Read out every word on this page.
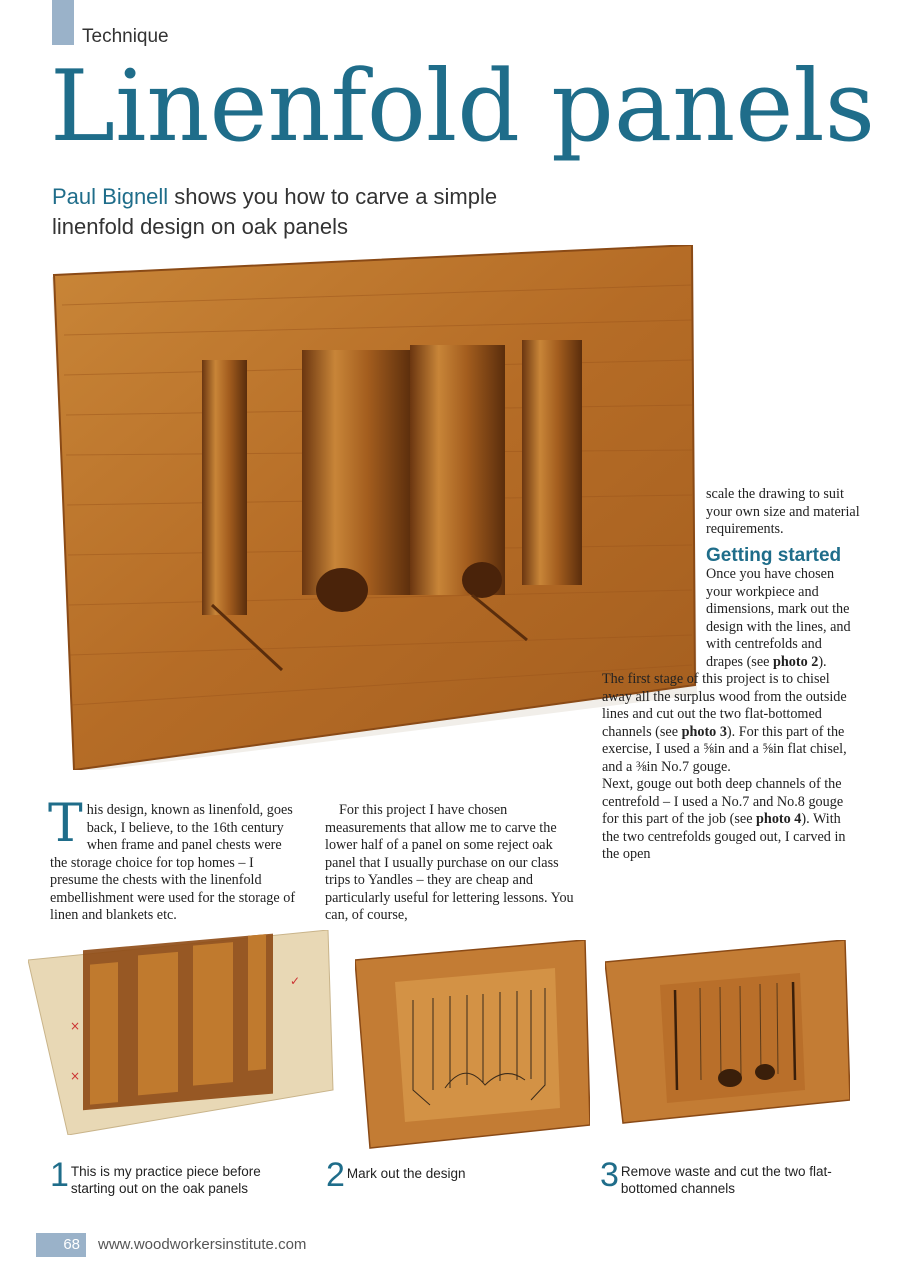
Technique
Linenfold panels
Paul Bignell shows you how to carve a simple linenfold design on oak panels
T his design, known as linenfold, goes back, I believe, to the 16th century when frame and panel chests were the storage choice for top homes – I presume the chests with the linenfold embellishment were used for the storage of linen and blankets etc.

For this project I have chosen measurements that allow me to carve the lower half of a panel on some reject oak panel that I usually purchase on our class trips to Yandles – they are cheap and particularly useful for lettering lessons. You can, of course,

scale the drawing to suit your own size and material requirements.

Getting started

Once you have chosen your workpiece and dimensions, mark out the design with the lines, and with centrefolds and drapes (see photo 2).

The first stage of this project is to chisel away all the surplus wood from the outside lines and cut out the two flat-bottomed channels (see photo 3). For this part of the exercise, I used a ⅝in and a ⅝in flat chisel, and a ⅜in No.7 gouge.

Next, gouge out both deep channels of the centrefold – I used a No.7 and No.8 gouge for this part of the job (see photo 4). With the two centrefolds gouged out, I carved in the open

×
×
✓
1 This is my practice piece before starting out on the oak panels	2 Mark out the design	3 Remove waste and cut the two flat-bottomed channels
68	www.woodworkersinstitute.com
